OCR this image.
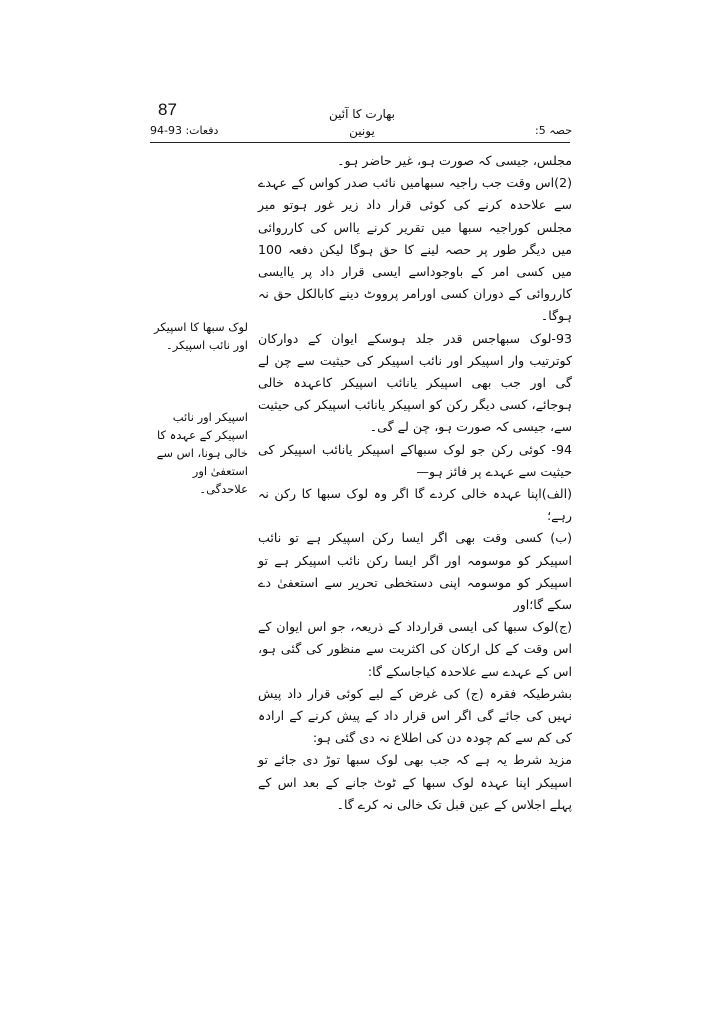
87	بھارت کا آئین
یونین
دفعات: 93-94	حصہ 5:

مجلس، جیسی کہ صورت ہو، غیر حاضر ہو۔

(2)اس وقت جب راجیہ سبھامیں نائب صدر کواس کے عہدے سے علاحدہ کرنے کی کوئی قرار داد زیر غور ہوتو میر مجلس کوراجیہ سبھا میں تقریر کرنے یااس کی کارروائی میں دیگر طور پر حصہ لینے کا حق ہوگا لیکن دفعہ 100 میں کسی امر کے باوجوداسے ایسی قرار داد پر یاایسی کارروائی کے دوران کسی اورامر پرووٹ دینے کابالکل حق نہ ہوگا۔

93-لوک سبھاجس قدر جلد ہوسکے ایوان کے دوارکان کوترتیب وار اسپیکر اور نائب اسپیکر کی حیثیت سے چن لے گی اور جب بھی اسپیکر یانائب اسپیکر کاعہدہ خالی ہوجائے، کسی دیگر رکن کو اسپیکر یانائب اسپیکر کی حیثیت سے، جیسی کہ صورت ہو، چن لے گی۔

94- کوئی رکن جو لوک سبھاکے اسپیکر یانائب اسپیکر کی حیثیت سے عہدے پر فائز ہو—

(الف)اپنا عہدہ خالی کردے گا اگر وہ لوک سبھا کا رکن نہ رہے؛

(ب) کسی وقت بھی اگر ایسا رکن اسپیکر ہے تو نائب اسپیکر کو موسومہ اور اگر ایسا رکن نائب اسپیکر ہے تو اسپیکر کو موسومہ اپنی دستخطی تحریر سے استعفیٰ دے سکے گا؛اور

(ج)لوک سبھا کی ایسی قرارداد کے ذریعہ، جو اس ایوان کے اس وقت کے کل ارکان کی اکثریت سے منظور کی گئی ہو، اس کے عہدے سے علاحدہ کیاجاسکے گا:

بشرطیکہ فقرہ (ج) کی غرض کے لیے کوئی قرار داد پیش نہیں کی جائے گی اگر اس قرار داد کے پیش کرنے کے ارادہ کی کم سے کم چودہ دن کی اطلاع نہ دی گئی ہو:

مزید شرط یہ ہے کہ جب بھی لوک سبھا توڑ دی جائے تو اسپیکر اپنا عہدہ لوک سبھا کے ٹوٹ جانے کے بعد اس کے پہلے اجلاس کے عین قبل تک خالی نہ کرے گا۔

لوک سبھا کا اسپیکر اور نائب اسپیکر۔
اسپیکر اور نائب اسپیکر کے عہدہ کا خالی ہونا، اس سے استعفیٰ اور علاحدگی۔
